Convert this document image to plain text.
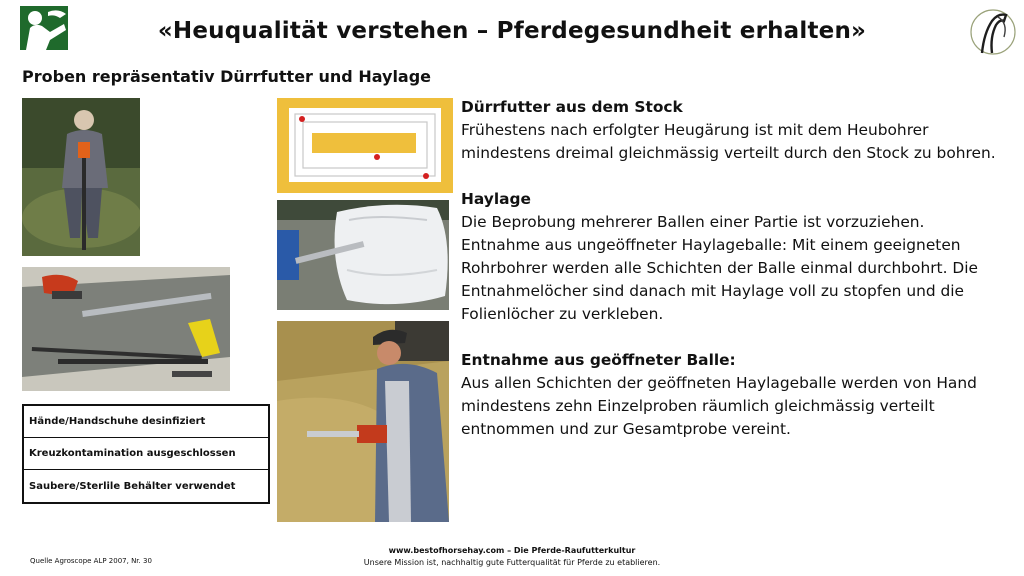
«Heuqualität verstehen – Pferdegesundheit erhalten»
Proben repräsentativ Dürrfutter und Haylage
Hände/Handschuhe desinfiziert
Kreuzkontamination ausgeschlossen
Saubere/Sterlile Behälter verwendet
Dürrfutter aus dem Stock
Frühestens nach erfolgter Heugärung ist mit dem Heubohrer mindestens dreimal gleichmässig verteilt durch den Stock zu bohren.
Haylage
Die Beprobung mehrerer Ballen einer Partie ist vorzuziehen.
Entnahme aus ungeöffneter Haylageballe: Mit einem geeigneten Rohrbohrer werden alle Schichten der Balle einmal durchbohrt. Die Entnahmelöcher sind danach mit Haylage voll zu stopfen und die Folienlöcher zu verkleben.
Entnahme aus geöffneter Balle:
Aus allen Schichten der geöffneten Haylageballe werden von Hand mindestens zehn Einzelproben räumlich gleichmässig verteilt entnommen und zur Gesamtprobe vereint.
Quelle Agroscope ALP 2007, Nr. 30
www.bestofhorsehay.com – Die Pferde-Raufutterkultur
Unsere Mission ist, nachhaltig gute Futterqualität für Pferde zu etablieren.
